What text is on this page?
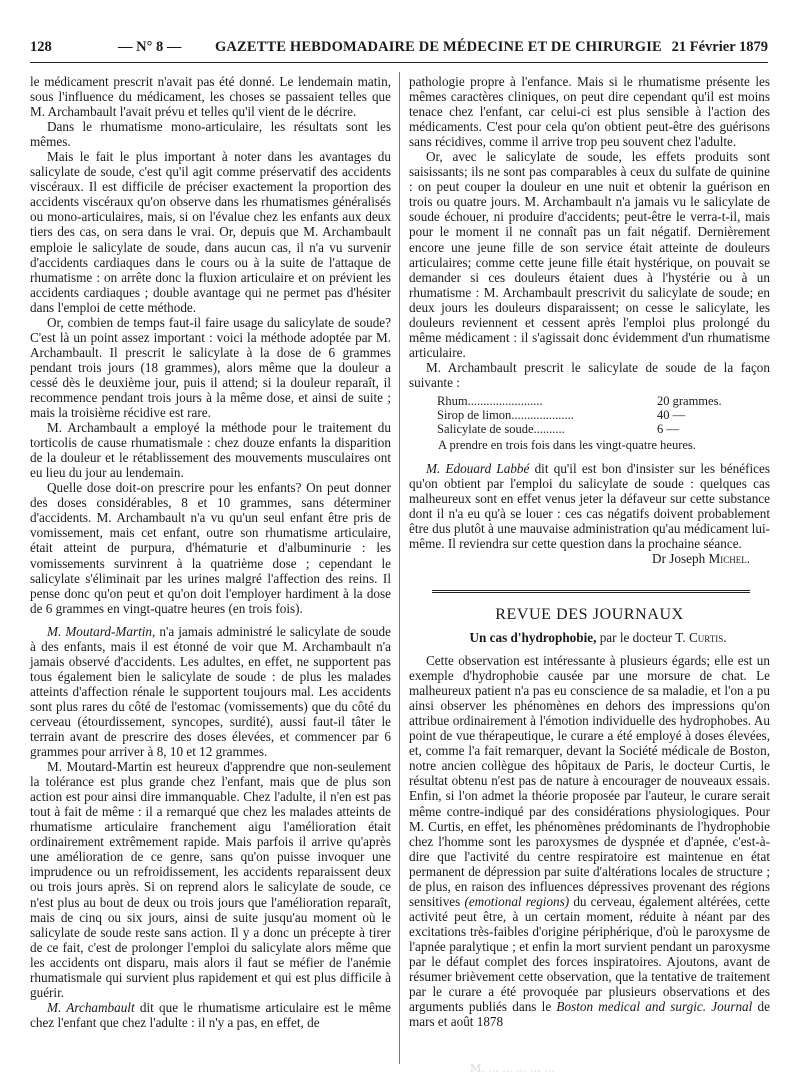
128	— N° 8 — GAZETTE HEBDOMADAIRE DE MÉDECINE ET DE CHIRURGIE 21 Février 1879

le médicament prescrit n'avait pas été donné. Le lendemain matin, sous l'influence du médicament, les choses se passaient telles que M. Archambault l'avait prévu et telles qu'il vient de le décrire.

Dans le rhumatisme mono-articulaire, les résultats sont les mêmes.

Mais le fait le plus important à noter dans les avantages du salicylate de soude, c'est qu'il agit comme préservatif des accidents viscéraux. Il est difficile de préciser exactement la proportion des accidents viscéraux qu'on observe dans les rhumatismes généralisés ou mono-articulaires, mais, si on l'évalue chez les enfants aux deux tiers des cas, on sera dans le vrai. Or, depuis que M. Archambault emploie le salicylate de soude, dans aucun cas, il n'a vu survenir d'accidents cardiaques dans le cours ou à la suite de l'attaque de rhumatisme : on arrête donc la fluxion articulaire et on prévient les accidents cardiaques ; double avantage qui ne permet pas d'hésiter dans l'emploi de cette méthode.

Or, combien de temps faut-il faire usage du salicylate de soude? C'est là un point assez important : voici la méthode adoptée par M. Archambault. Il prescrit le salicylate à la dose de 6 grammes pendant trois jours (18 grammes), alors même que la douleur a cessé dès le deuxième jour, puis il attend; si la douleur reparaît, il recommence pendant trois jours à la même dose, et ainsi de suite ; mais la troisième récidive est rare.

M. Archambault a employé la méthode pour le traitement du torticolis de cause rhumatismale : chez douze enfants la disparition de la douleur et le rétablissement des mouvements musculaires ont eu lieu du jour au lendemain.

Quelle dose doit-on prescrire pour les enfants? On peut donner des doses considérables, 8 et 10 grammes, sans déterminer d'accidents. M. Archambault n'a vu qu'un seul enfant être pris de vomissement, mais cet enfant, outre son rhumatisme articulaire, était atteint de purpura, d'hématurie et d'albuminurie : les vomissements survinrent à la quatrième dose ; cependant le salicylate s'éliminait par les urines malgré l'affection des reins. Il pense donc qu'on peut et qu'on doit l'employer hardiment à la dose de 6 grammes en vingt-quatre heures (en trois fois).

M. Moutard-Martin, n'a jamais administré le salicylate de soude à des enfants, mais il est étonné de voir que M. Archambault n'a jamais observé d'accidents. Les adultes, en effet, ne supportent pas tous également bien le salicylate de soude : de plus les malades atteints d'affection rénale le supportent toujours mal. Les accidents sont plus rares du côté de l'estomac (vomissements) que du côté du cerveau (étourdissement, syncopes, surdité), aussi faut-il tâter le terrain avant de prescrire des doses élevées, et commencer par 6 grammes pour arriver à 8, 10 et 12 grammes.

M. Moutard-Martin est heureux d'apprendre que non-seulement la tolérance est plus grande chez l'enfant, mais que de plus son action est pour ainsi dire immanquable. Chez l'adulte, il n'en est pas tout à fait de même : il a remarqué que chez les malades atteints de rhumatisme articulaire franchement aigu l'amélioration était ordinairement extrêmement rapide. Mais parfois il arrive qu'après une amélioration de ce genre, sans qu'on puisse invoquer une imprudence ou un refroidissement, les accidents reparaissent deux ou trois jours après. Si on reprend alors le salicylate de soude, ce n'est plus au bout de deux ou trois jours que l'amélioration reparaît, mais de cinq ou six jours, ainsi de suite jusqu'au moment où le salicylate de soude reste sans action. Il y a donc un précepte à tirer de ce fait, c'est de prolonger l'emploi du salicylate alors même que les accidents ont disparu, mais alors il faut se méfier de l'anémie rhumatismale qui survient plus rapidement et qui est plus difficile à guérir.

M. Archambault dit que le rhumatisme articulaire est le même chez l'enfant que chez l'adulte : il n'y a pas, en effet, de

pathologie propre à l'enfance. Mais si le rhumatisme présente les mêmes caractères cliniques, on peut dire cependant qu'il est moins tenace chez l'enfant, car celui-ci est plus sensible à l'action des médicaments. C'est pour cela qu'on obtient peut-être des guérisons sans récidives, comme il arrive trop peu souvent chez l'adulte.

Or, avec le salicylate de soude, les effets produits sont saisissants; ils ne sont pas comparables à ceux du sulfate de quinine : on peut couper la douleur en une nuit et obtenir la guérison en trois ou quatre jours. M. Archambault n'a jamais vu le salicylate de soude échouer, ni produire d'accidents; peut-être le verra-t-il, mais pour le moment il ne connaît pas un fait négatif. Dernièrement encore une jeune fille de son service était atteinte de douleurs articulaires; comme cette jeune fille était hystérique, on pouvait se demander si ces douleurs étaient dues à l'hystérie ou à un rhumatisme : M. Archambault prescrivit du salicylate de soude; en deux jours les douleurs disparaissent; on cesse le salicylate, les douleurs reviennent et cessent après l'emploi plus prolongé du même médicament : il s'agissait donc évidemment d'un rhumatisme articulaire.

M. Archambault prescrit le salicylate de soude de la façon suivante :

Rhum ........................	20 grammes.
Sirop de limon ....................	40 —
Salicylate de soude ..........	6 —

A prendre en trois fois dans les vingt-quatre heures.

M. Edouard Labbé dit qu'il est bon d'insister sur les bénéfices qu'on obtient par l'emploi du salicylate de soude : quelques cas malheureux sont en effet venus jeter la défaveur sur cette substance dont il n'a eu qu'à se louer : ces cas négatifs doivent probablement être dus plutôt à une mauvaise administration qu'au médicament lui-même. Il reviendra sur cette question dans la prochaine séance.

Dr Joseph Michel.

REVUE DES JOURNAUX

Un cas d'hydrophobie, par le docteur T. Curtis.

Cette observation est intéressante à plusieurs égards; elle est un exemple d'hydrophobie causée par une morsure de chat. Le malheureux patient n'a pas eu conscience de sa maladie, et l'on a pu ainsi observer les phénomènes en dehors des impressions qu'on attribue ordinairement à l'émotion individuelle des hydrophobes. Au point de vue thérapeutique, le curare a été employé à doses élevées, et, comme l'a fait remarquer, devant la Société médicale de Boston, notre ancien collègue des hôpitaux de Paris, le docteur Curtis, le résultat obtenu n'est pas de nature à encourager de nouveaux essais. Enfin, si l'on admet la théorie proposée par l'auteur, le curare serait même contre-indiqué par des considérations physiologiques. Pour M. Curtis, en effet, les phénomènes prédominants de l'hydrophobie chez l'homme sont les paroxysmes de dyspnée et d'apnée, c'est-à-dire que l'activité du centre respiratoire est maintenue en état permanent de dépression par suite d'altérations locales de structure ; de plus, en raison des influences dépressives provenant des régions sensitives (emotional regions) du cerveau, également altérées, cette activité peut être, à un certain moment, réduite à néant par des excitations très-faibles d'origine périphérique, d'où le paroxysme de l'apnée paralytique ; et enfin la mort survient pendant un paroxysme par le défaut complet des forces inspiratoires. Ajoutons, avant de résumer brièvement cette observation, que la tentative de traitement par le curare a été provoquée par plusieurs observations et des arguments publiés dans le Boston medical and surgic. Journal de mars et août 1878

M. ... ... ... ... ...
